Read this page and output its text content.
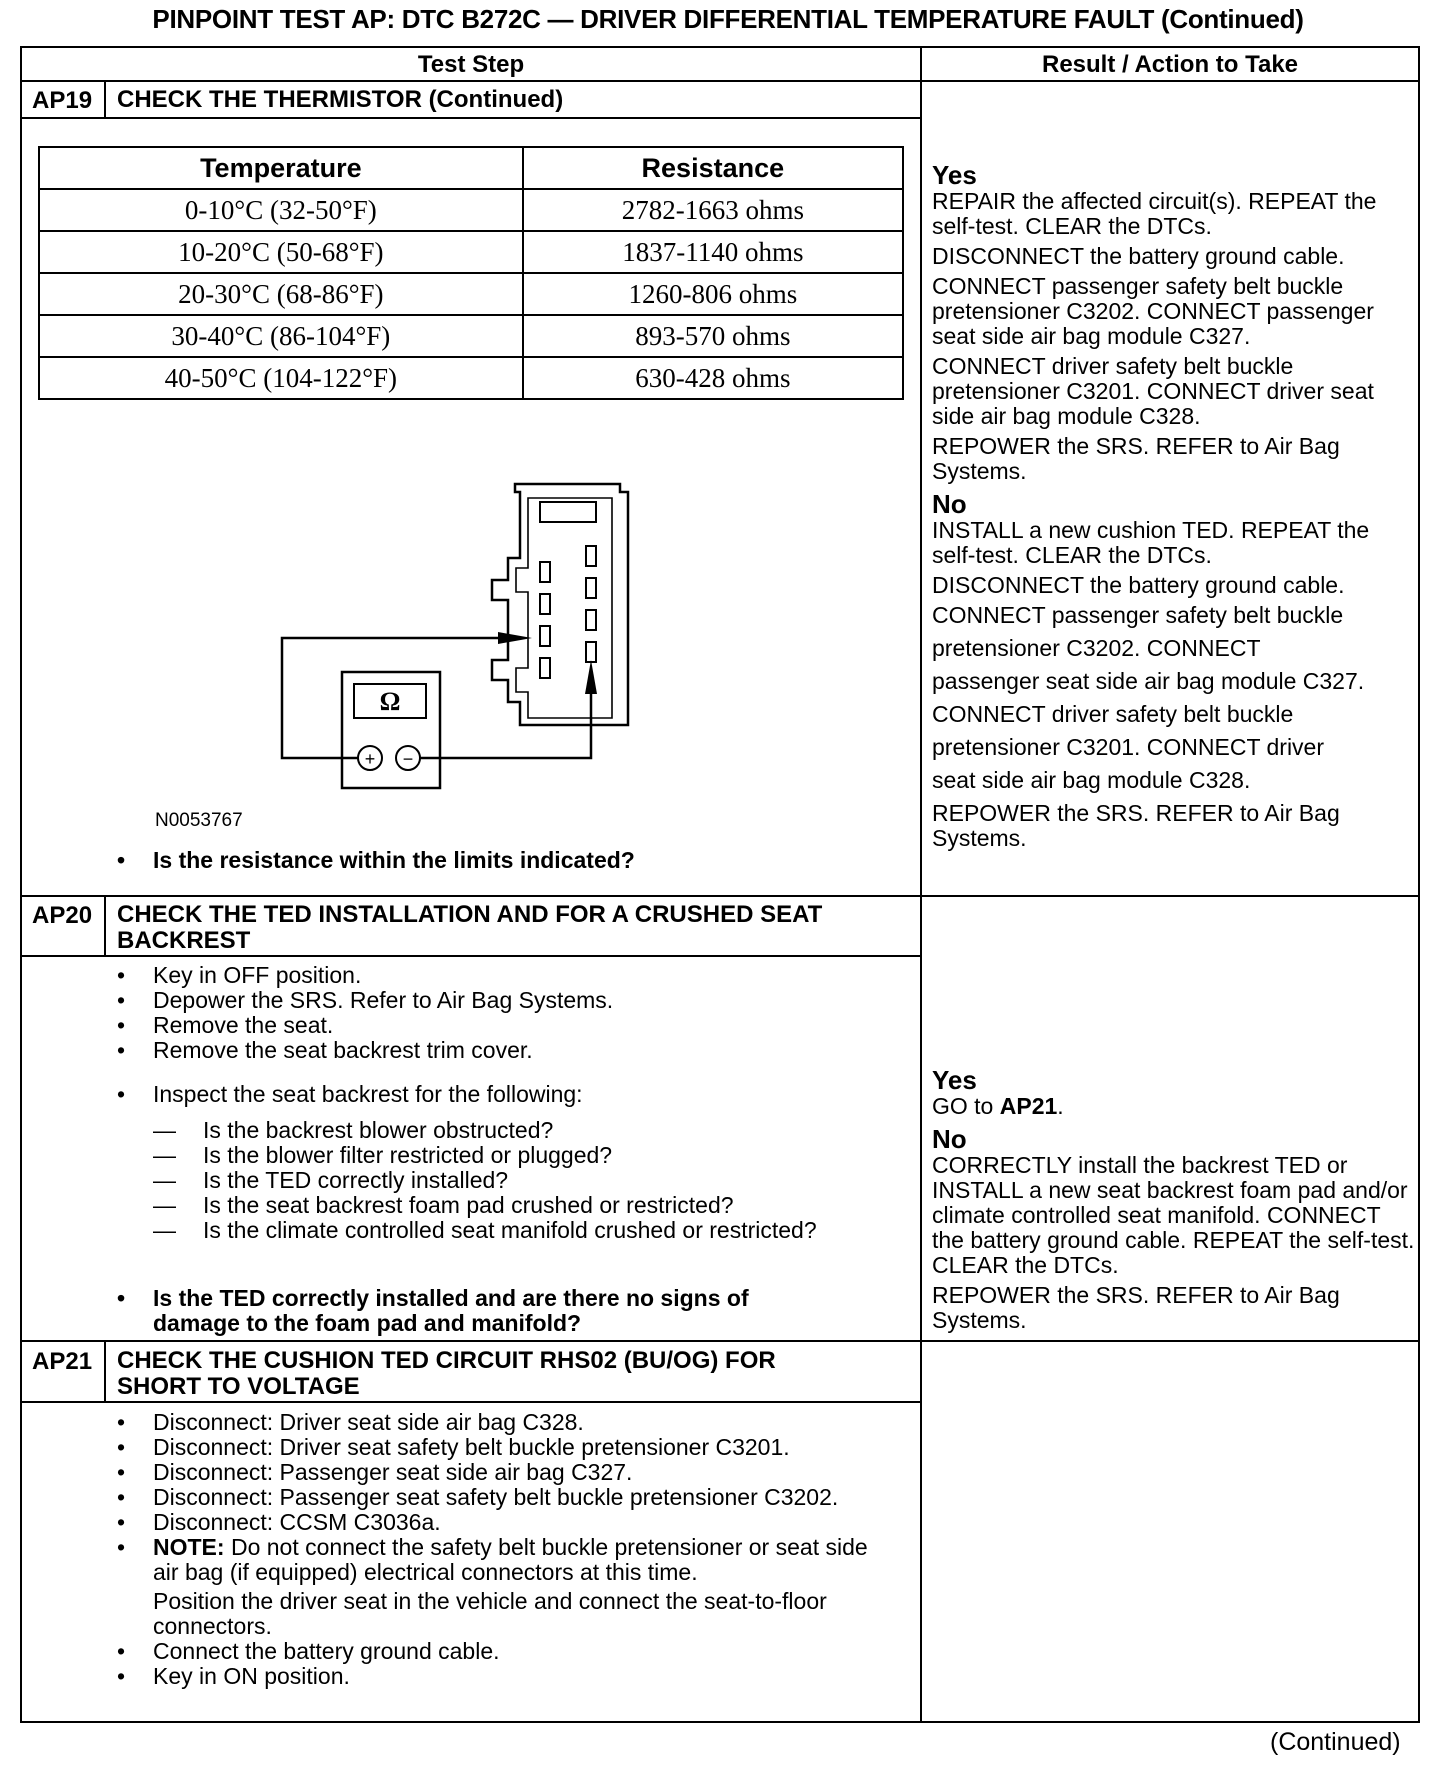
PINPOINT TEST AP: DTC B272C — DRIVER DIFFERENTIAL TEMPERATURE FAULT (Continued)
Test Step	Result / Action to Take
AP19 CHECK THE THERMISTOR (Continued)
Temperature	Resistance
0-10°C (32-50°F)	2782-1663 ohms
10-20°C (50-68°F)	1837-1140 ohms
20-30°C (68-86°F)	1260-806 ohms
30-40°C (86-104°F)	893-570 ohms
40-50°C (104-122°F)	630-428 ohms
Ω
+ −
N0053767
• Is the resistance within the limits indicated?
Yes

REPAIR the affected circuit(s). REPEAT the self-test. CLEAR the DTCs.

DISCONNECT the battery ground cable.

CONNECT passenger safety belt buckle pretensioner C3202. CONNECT passenger seat side air bag module C327.

CONNECT driver safety belt buckle pretensioner C3201. CONNECT driver seat side air bag module C328.

REPOWER the SRS. REFER to Air Bag Systems.

No

INSTALL a new cushion TED. REPEAT the self-test. CLEAR the DTCs.

DISCONNECT the battery ground cable.

CONNECT passenger safety belt buckle

pretensioner C3202. CONNECT

passenger seat side air bag module C327.

CONNECT driver safety belt buckle

pretensioner C3201. CONNECT driver

seat side air bag module C328.

REPOWER the SRS. REFER to Air Bag Systems.

AP20 CHECK THE TED INSTALLATION AND FOR A CRUSHED SEAT BACKREST
• Key in OFF position.
• Depower the SRS. Refer to Air Bag Systems.
• Remove the seat.
• Remove the seat backrest trim cover.
• Inspect the seat backrest for the following:
— Is the backrest blower obstructed?
— Is the blower filter restricted or plugged?
— Is the TED correctly installed?
— Is the seat backrest foam pad crushed or restricted?
— Is the climate controlled seat manifold crushed or restricted?
• Is the TED correctly installed and are there no signs of damage to the foam pad and manifold?
Yes

GO to AP21.

No

CORRECTLY install the backrest TED or INSTALL a new seat backrest foam pad and/or climate controlled seat manifold. CONNECT the battery ground cable. REPEAT the self-test. CLEAR the DTCs.

REPOWER the SRS. REFER to Air Bag Systems.

AP21 CHECK THE CUSHION TED CIRCUIT RHS02 (BU/OG) FOR SHORT TO VOLTAGE
• Disconnect: Driver seat side air bag C328.
• Disconnect: Driver seat safety belt buckle pretensioner C3201.
• Disconnect: Passenger seat side air bag C327.
• Disconnect: Passenger seat safety belt buckle pretensioner C3202.
• Disconnect: CCSM C3036a.
• NOTE: Do not connect the safety belt buckle pretensioner or seat side air bag (if equipped) electrical connectors at this time.
Position the driver seat in the vehicle and connect the seat-to-floor connectors.
• Connect the battery ground cable.
• Key in ON position.
(Continued)
